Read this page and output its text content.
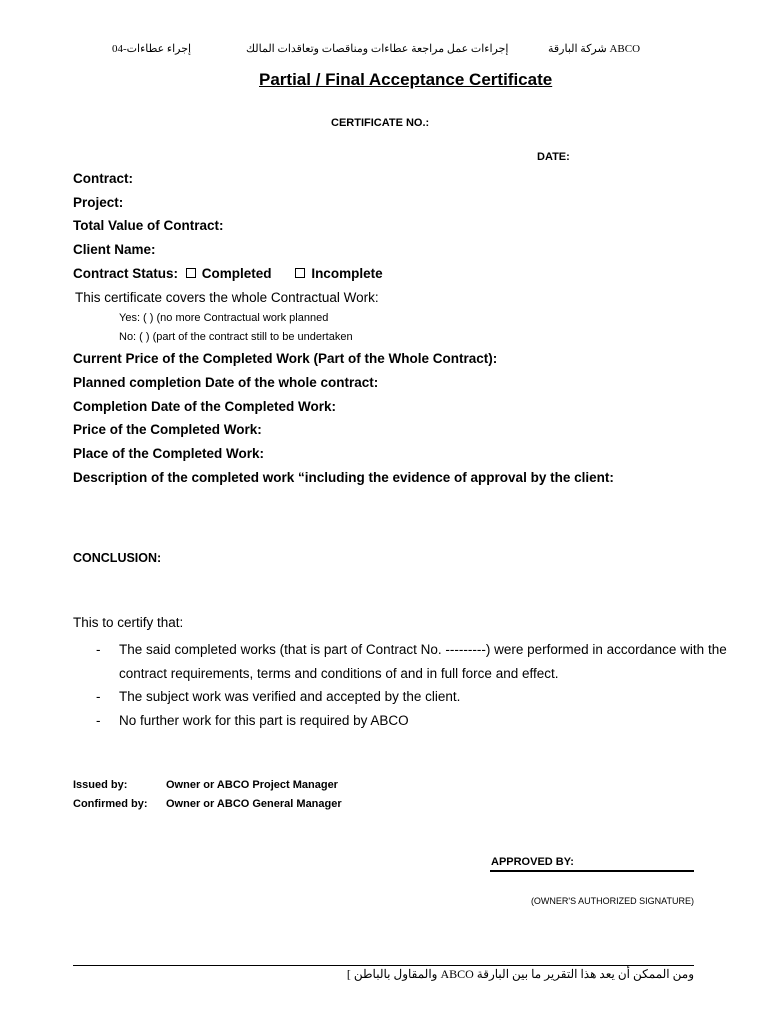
إجراء عطاءات-04	إجراءات عمل مراجعة عطاءات ومناقصات وتعاقدات المالك	ABCO شركة البارقة
Partial / Final Acceptance Certificate
CERTIFICATE NO.:
DATE:
Contract:
Project:
Total Value of Contract:
Client Name:
Contract Status: Completed	Incomplete
This certificate covers the whole Contractual Work:
Yes: ( ) (no more Contractual work planned
No: ( ) (part of the contract still to be undertaken
Current Price of the Completed Work (Part of the Whole Contract):
Planned completion Date of the whole contract:
Completion Date of the Completed Work:
Price of the Completed Work:
Place of the Completed Work:
Description of the completed work “including the evidence of approval by the client:
CONCLUSION:
This to certify that:
- The said completed works (that is part of Contract No. ---------) were performed in accordance with the contract requirements, terms and conditions of and in full force and effect.
- The subject work was verified and accepted by the client.
- No further work for this part is required by ABCO
Issued by:	Owner or ABCO Project Manager
Confirmed by: Owner or ABCO General Manager
APPROVED BY:
(OWNER'S AUTHORIZED SIGNATURE)
ومن الممكن أن يعد هذا التقرير ما بين البارقة ABCO والمقاول بالباطن ]
